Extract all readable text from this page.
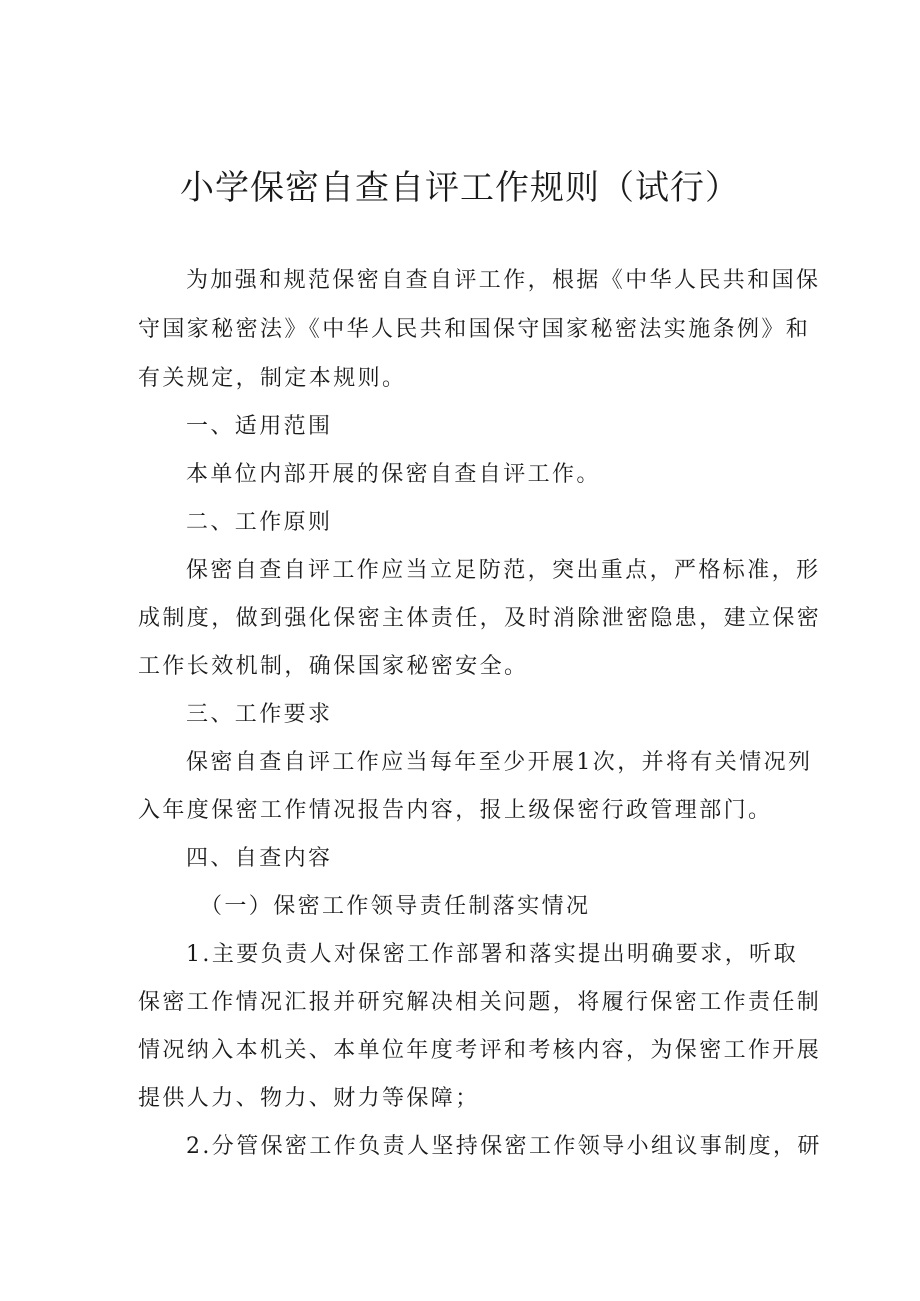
小学保密自查自评工作规则（试行）

为加强和规范保密自查自评工作，根据《中华人民共和国保

守国家秘密法》《中华人民共和国保守国家秘密法实施条例》和

有关规定，制定本规则。

一、适用范围

本单位内部开展的保密自查自评工作。

二、工作原则

保密自查自评工作应当立足防范，突出重点，严格标准，形

成制度，做到强化保密主体责任，及时消除泄密隐患，建立保密

工作长效机制，确保国家秘密安全。

三、工作要求

保密自查自评工作应当每年至少开展1次，并将有关情况列

入年度保密工作情况报告内容，报上级保密行政管理部门。

四、自查内容

（一）保密工作领导责任制落实情况

1.主要负责人对保密工作部署和落实提出明确要求，听取

保密工作情况汇报并研究解决相关问题，将履行保密工作责任制

情况纳入本机关、本单位年度考评和考核内容，为保密工作开展

提供人力、物力、财力等保障；

2.分管保密工作负责人坚持保密工作领导小组议事制度，研
